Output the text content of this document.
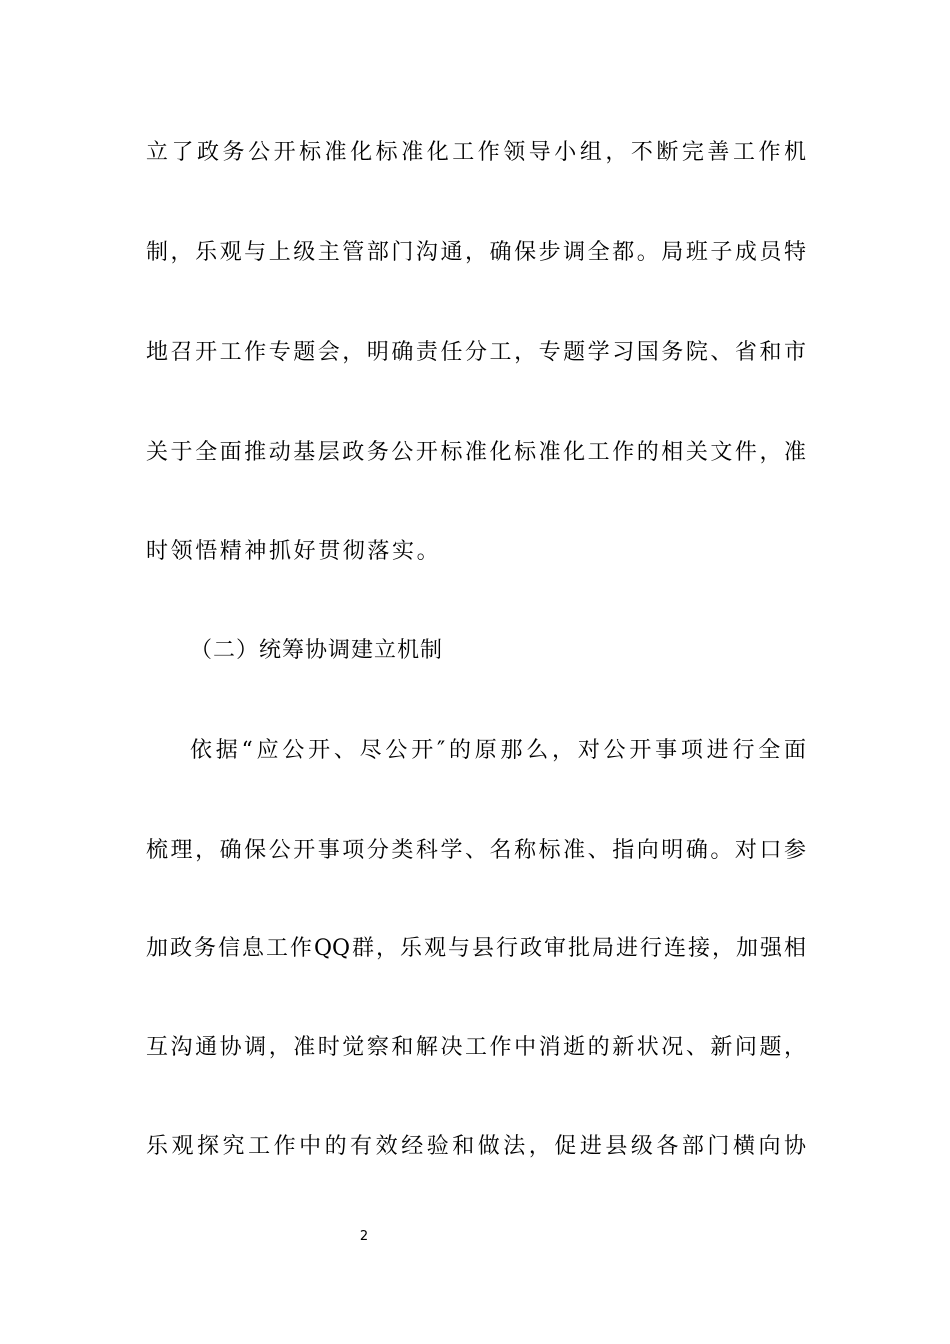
立了政务公开标准化标准化工作领导小组，不断完善工作机
制，乐观与上级主管部门沟通，确保步调全都。局班子成员特
地召开工作专题会，明确责任分工，专题学习国务院、省和市
关于全面推动基层政务公开标准化标准化工作的相关文件，准
时领悟精神抓好贯彻落实。
（二）统筹协调建立机制
依据“应公开、尽公开″的原那么，对公开事项进行全面
梳理，确保公开事项分类科学、名称标准、指向明确。对口参
加政务信息工作QQ群，乐观与县行政审批局进行连接，加强相
互沟通协调，准时觉察和解决工作中消逝的新状况、新问题，
乐观探究工作中的有效经验和做法，促进县级各部门横向协
2
